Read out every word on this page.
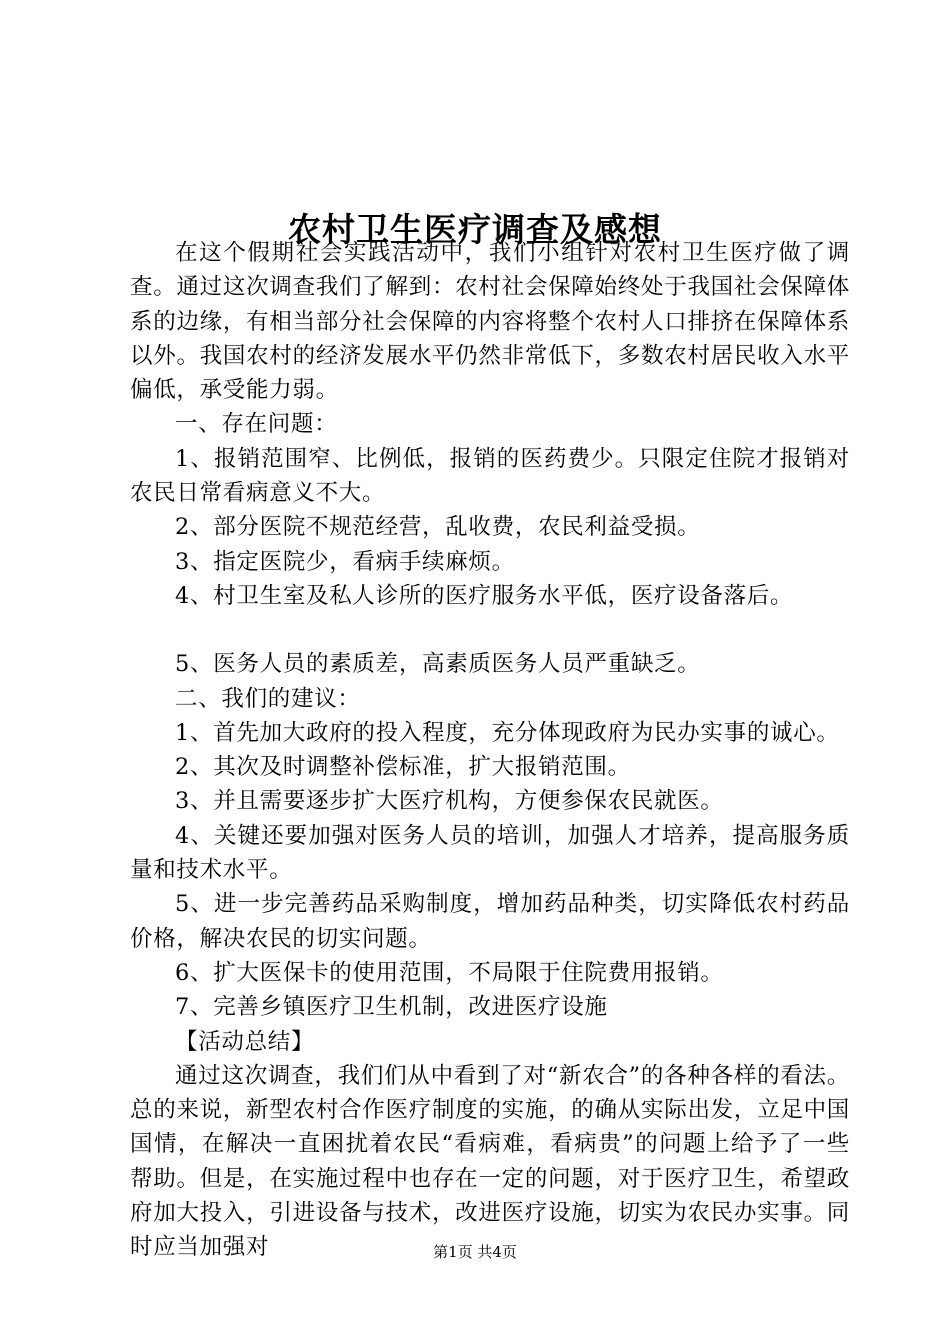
农村卫生医疗调查及感想

在这个假期社会实践活动中，我们小组针对农村卫生医疗做了调查。通过这次调查我们了解到：农村社会保障始终处于我国社会保障体系的边缘，有相当部分社会保障的内容将整个农村人口排挤在保障体系以外。我国农村的经济发展水平仍然非常低下，多数农村居民收入水平偏低，承受能力弱。

一、存在问题：

1、报销范围窄、比例低，报销的医药费少。只限定住院才报销对农民日常看病意义不大。

2、部分医院不规范经营，乱收费，农民利益受损。

3、指定医院少，看病手续麻烦。

4、村卫生室及私人诊所的医疗服务水平低，医疗设备落后。

5、医务人员的素质差，高素质医务人员严重缺乏。

二、我们的建议：

1、首先加大政府的投入程度，充分体现政府为民办实事的诚心。

2、其次及时调整补偿标准，扩大报销范围。

3、并且需要逐步扩大医疗机构，方便参保农民就医。

4、关键还要加强对医务人员的培训，加强人才培养，提高服务质量和技术水平。

5、进一步完善药品采购制度，增加药品种类，切实降低农村药品价格，解决农民的切实问题。

6、扩大医保卡的使用范围，不局限于住院费用报销。

7、完善乡镇医疗卫生机制，改进医疗设施

【活动总结】

通过这次调查，我们们从中看到了对“新农合”的各种各样的看法。总的来说，新型农村合作医疗制度的实施，的确从实际出发，立足中国国情，在解决一直困扰着农民“看病难，看病贵”的问题上给予了一些帮助。但是，在实施过程中也存在一定的问题，对于医疗卫生，希望政府加大投入，引进设备与技术，改进医疗设施，切实为农民办实事。同时应当加强对	第1页 共4页
